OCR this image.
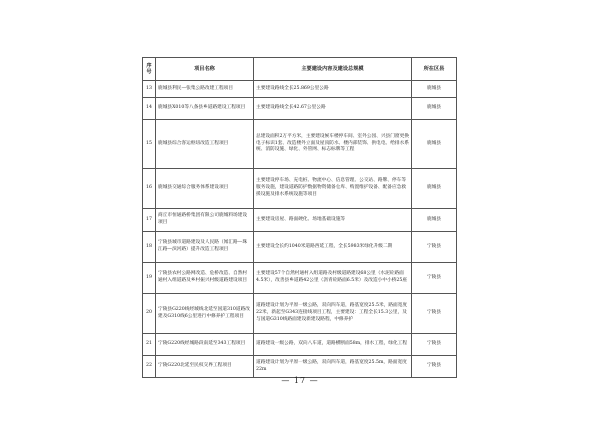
序号	项目名称	主要建设内容及建设总规模	所在区县
13	鹿城县利民—张集公路改建工程项目	主要建设路线全长25.869公里公路	鹿城县
14	鹿城县X010等八条县乡道路建设工程项目	主要建设路线全长42.67公里公路	鹿城县
15	鹿城县综合客运枢纽改造工程项目	总建设面积2万平方米，主要建设候车楼停车间、室外公园、兴县门窗更换电子标识1套、改造楼外立面及屋顶防水、楼内部装饰、供电电、给排水系统、消防设施、绿化、外管网、标志标牌等工程	鹿城县
16	鹿城县交通综合服务体系建设项目	主要建设停车场、充电桩、物流中心、信息管理、公交站、路牌、停车等服务设施，建设道路防护数据物资储备仓库、购置维护设备、配备应急救援设施及排水系统设施等项目	鹿城县
17	商丘市恒通路桥集团有限公司鹿城料场建设项目	主要建设房屋、路面硬化、场地基础设施等	鹿城县
18	宁陵县城市道路建设及人民路（闻汇路—珠江路—滨河路）提升改造工程项目	主要建设全长约1040米道路西延工程，全长5983米绿化升级二期	宁陵县
19	宁陵县农村公路网改造、危桥改造、自然村通村入组道路及乡村振兴村级道路建设项目	主要建设57个自然村通村入组道路及村级道路建设68公里（水泥砼路面4.5米），改善县乡道路42公里（沥青砼路面6.5米）及改造小中小桥25座	宁陵县
20	宁陵县G220线经城线北延至国道310道路改建及G310线6公里进行中修养护工程项目	道路建设计划为平原一级公路，双向四车道，路基宽度25.5米，路面宽度22米，新起至G343连接线项目工程，主要建设：工程全长15.3公里，及与国道G310线路面建设新建设路程，中修养护	宁陵县
21	宁陵G220线经城路段南延至343工程项目	道路建设一级公路，双向八车道，道路横断面58m，排水工程，绿化工程	宁陵县
22	宁陵G220北延至民权交界工程项目	道路建设计划为平原一级公路，双向四车道，路基宽度25.5m，路面宽度22m	宁陵县
— 17 —
